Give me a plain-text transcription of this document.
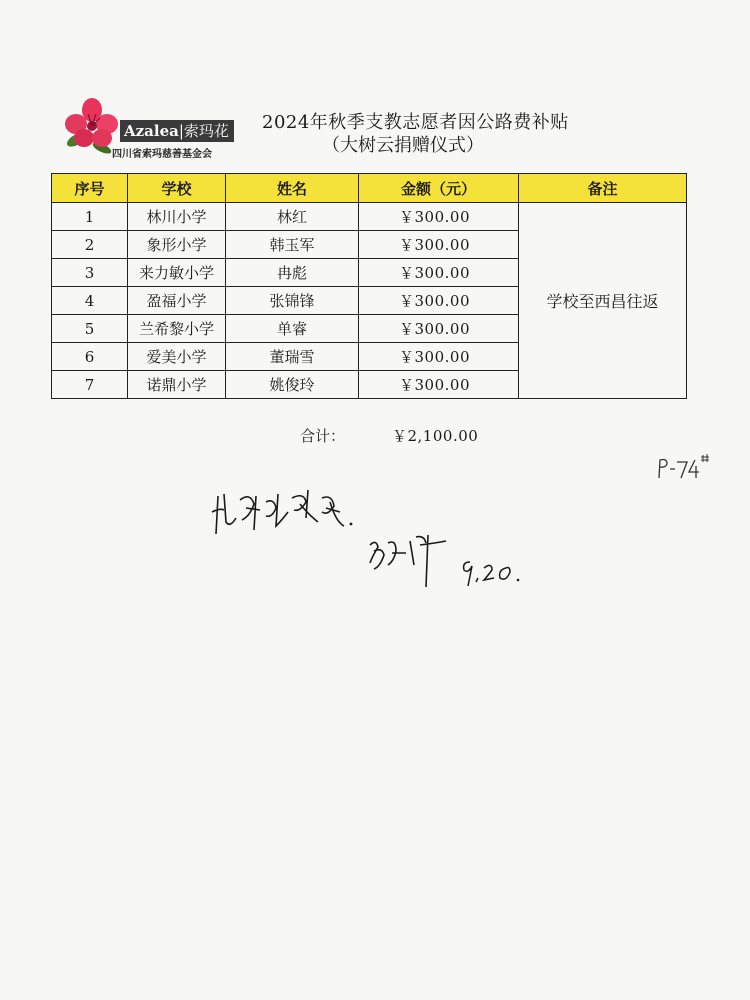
Azalea|索玛花
四川省索玛慈善基金会
2024年秋季支教志愿者因公路费补贴
（大树云捐赠仪式）
序号	学校	姓名	金额（元）	备注
1	林川小学	林红	￥300.00	学校至西昌往返
2	象形小学	韩玉军	￥300.00	
3	来力敏小学	冉彪	￥300.00	
4	盈福小学	张锦锋	￥300.00	
5	兰希黎小学	单睿	￥300.00	
6	爱美小学	董瑞雪	￥300.00	
7	诺鼎小学	姚俊玲	￥300.00	
合计：	￥2,100.00
